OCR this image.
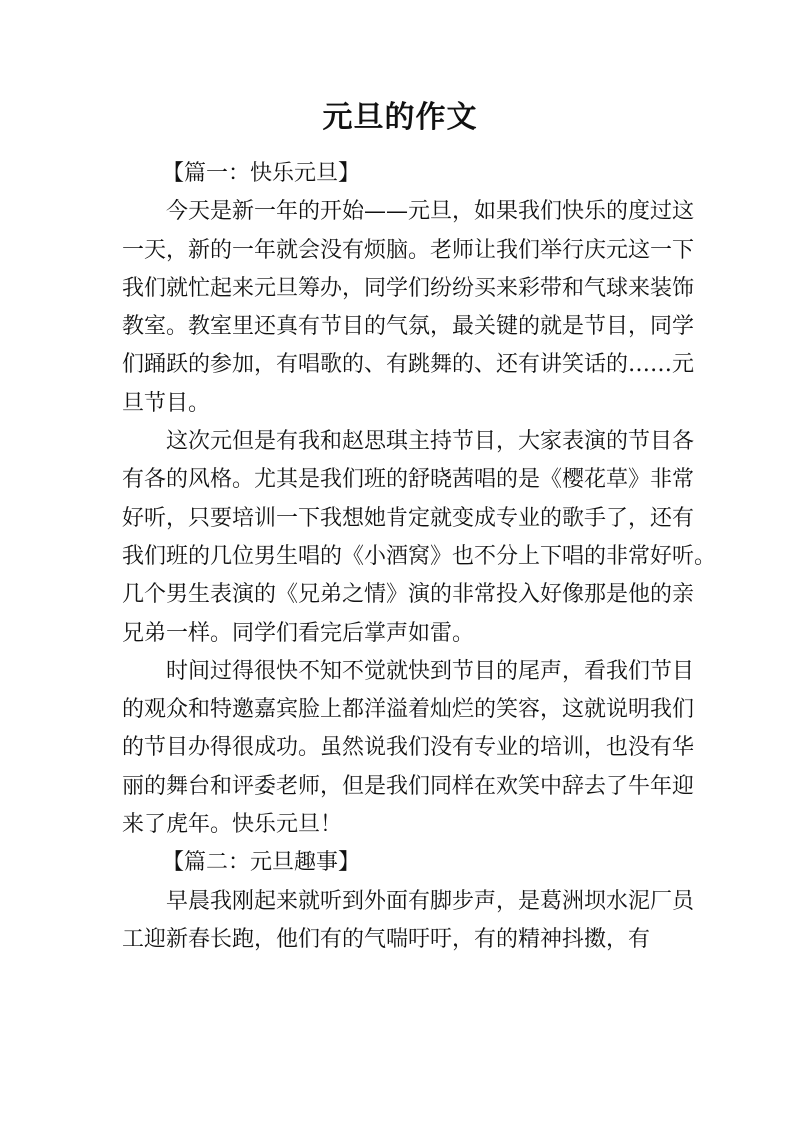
元旦的作文
【篇一：快乐元旦】
今天是新一年的开始——元旦，如果我们快乐的度过这
一天，新的一年就会没有烦脑。老师让我们举行庆元这一下
我们就忙起来元旦筹办，同学们纷纷买来彩带和气球来装饰
教室。教室里还真有节目的气氛，最关键的就是节目，同学
们踊跃的参加，有唱歌的、有跳舞的、还有讲笑话的……元
旦节目。
这次元但是有我和赵思琪主持节目，大家表演的节目各
有各的风格。尤其是我们班的舒晓茜唱的是《樱花草》非常
好听，只要培训一下我想她肯定就变成专业的歌手了，还有
我们班的几位男生唱的《小酒窝》也不分上下唱的非常好听。
几个男生表演的《兄弟之情》演的非常投入好像那是他的亲
兄弟一样。同学们看完后掌声如雷。
时间过得很快不知不觉就快到节目的尾声，看我们节目
的观众和特邀嘉宾脸上都洋溢着灿烂的笑容，这就说明我们
的节目办得很成功。虽然说我们没有专业的培训，也没有华
丽的舞台和评委老师，但是我们同样在欢笑中辞去了牛年迎
来了虎年。快乐元旦！
【篇二：元旦趣事】
早晨我刚起来就听到外面有脚步声，是葛洲坝水泥厂员
工迎新春长跑，他们有的气喘吁吁，有的精神抖擞，有
